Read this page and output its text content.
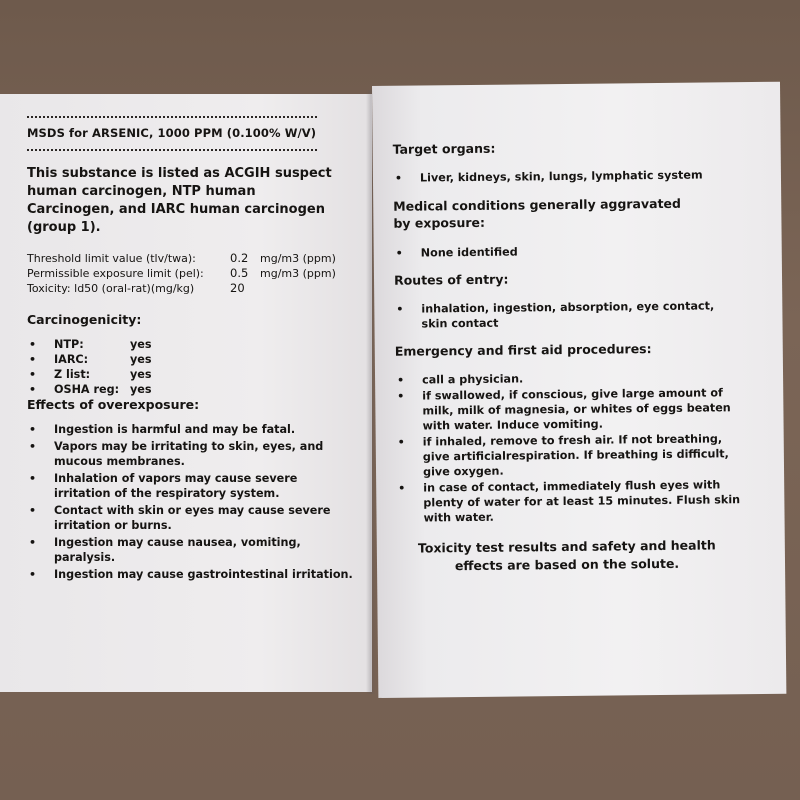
MSDS for ARSENIC, 1000 PPM (0.100% W/V)
This substance is listed as ACGIH suspect human carcinogen, NTP human Carcinogen, and IARC human carcinogen (group 1).
Threshold limit value (tlv/twa):	0.2	mg/m3 (ppm)
Permissible exposure limit (pel):	0.5	mg/m3 (ppm)
Toxicity: ld50 (oral-rat)(mg/kg)	20
Carcinogenicity:
• NTP:	yes
• IARC:	yes
• Z list:	yes
• OSHA reg: yes
Effects of overexposure:
• Ingestion is harmful and may be fatal.
• Vapors may be irritating to skin, eyes, and mucous membranes.
• Inhalation of vapors may cause severe irritation of the respiratory system.
• Contact with skin or eyes may cause severe irritation or burns.
• Ingestion may cause nausea, vomiting, paralysis.
• Ingestion may cause gastrointestinal irritation.
Target organs:
• Liver, kidneys, skin, lungs, lymphatic system
Medical conditions generally aggravated by exposure:
• None identified
Routes of entry:
• inhalation, ingestion, absorption, eye contact, skin contact
Emergency and first aid procedures:
• call a physician.
• if swallowed, if conscious, give large amount of milk, milk of magnesia, or whites of eggs beaten with water. Induce vomiting.
• if inhaled, remove to fresh air. If not breathing, give artificialrespiration. If breathing is difficult, give oxygen.
• in case of contact, immediately flush eyes with plenty of water for at least 15 minutes. Flush skin with water.
Toxicity test results and safety and health effects are based on the solute.
